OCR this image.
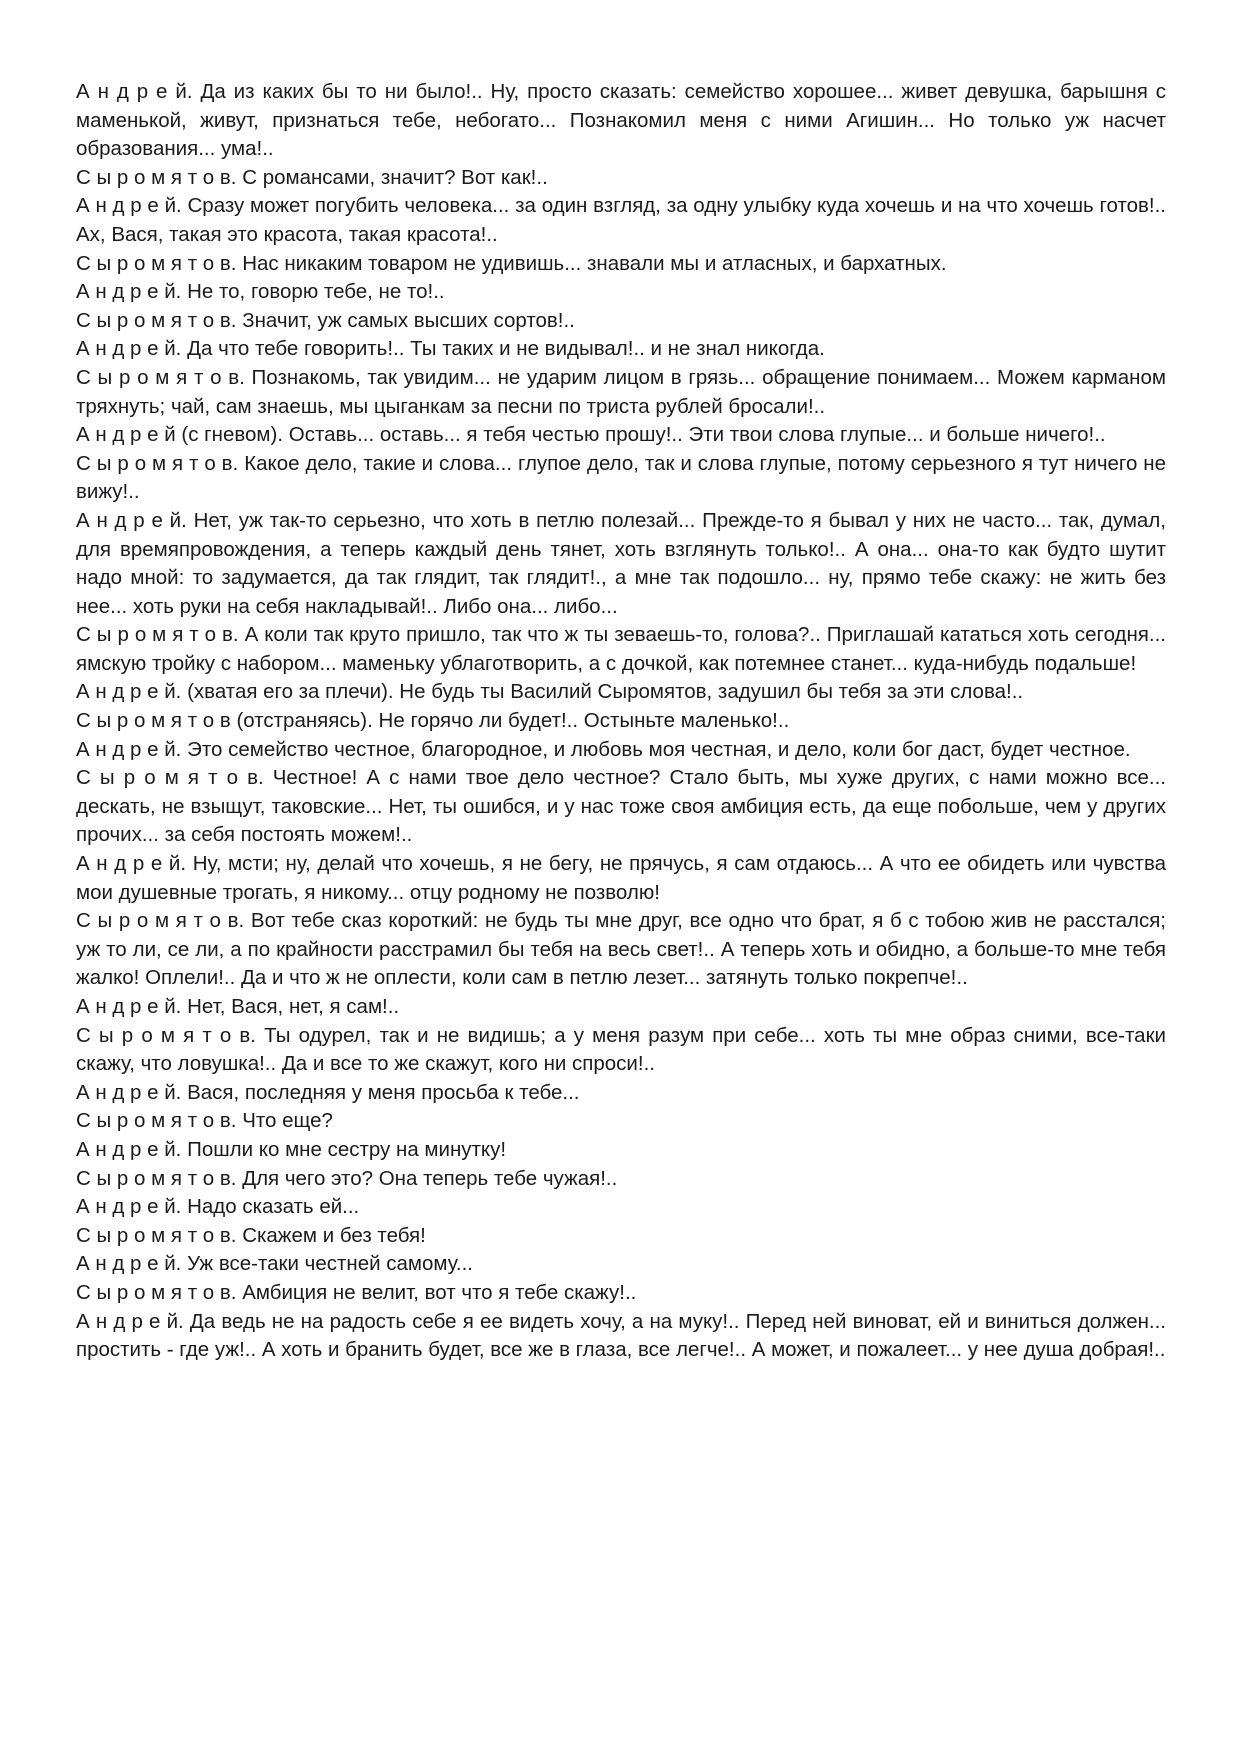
А н д р е й. Да из каких бы то ни было!.. Ну, просто сказать: семейство хорошее... живет девушка, барышня с маменькой, живут, признаться тебе, небогато... Познакомил меня с ними Агишин... Но только уж насчет образования... ума!..

С ы р о м я т о в. С романсами, значит? Вот как!..

А н д р е й. Сразу может погубить человека... за один взгляд, за одну улыбку куда хочешь и на что хочешь готов!.. Ах, Вася, такая это красота, такая красота!..

С ы р о м я т о в. Нас никаким товаром не удивишь... знавали мы и атласных, и бархатных.

А н д р е й. Не то, говорю тебе, не то!..

С ы р о м я т о в. Значит, уж самых высших сортов!..

А н д р е й. Да что тебе говорить!.. Ты таких и не видывал!.. и не знал никогда.

С ы р о м я т о в. Познакомь, так увидим... не ударим лицом в грязь... обращение понимаем... Можем карманом тряхнуть; чай, сам знаешь, мы цыганкам за песни по триста рублей бросали!..

А н д р е й (с гневом). Оставь... оставь... я тебя честью прошу!.. Эти твои слова глупые... и больше ничего!..

С ы р о м я т о в. Какое дело, такие и слова... глупое дело, так и слова глупые, потому серьезного я тут ничего не вижу!..

А н д р е й. Нет, уж так-то серьезно, что хоть в петлю полезай... Прежде-то я бывал у них не часто... так, думал, для времяпровождения, а теперь каждый день тянет, хоть взглянуть только!.. А она... она-то как будто шутит надо мной: то задумается, да так глядит, так глядит!., а мне так подошло... ну, прямо тебе скажу: не жить без нее... хоть руки на себя накладывай!.. Либо она... либо...

С ы р о м я т о в. А коли так круто пришло, так что ж ты зеваешь-то, голова?.. Приглашай кататься хоть сегодня... ямскую тройку с набором... маменьку ублаготворить, а с дочкой, как потемнее станет... куда-нибудь подальше!

А н д р е й. (хватая его за плечи). Не будь ты Василий Сыромятов, задушил бы тебя за эти слова!..

С ы р о м я т о в (отстраняясь). Не горячо ли будет!.. Остыньте маленько!..

А н д р е й. Это семейство честное, благородное, и любовь моя честная, и дело, коли бог даст, будет честное.

С ы р о м я т о в. Честное! А с нами твое дело честное? Стало быть, мы хуже других, с нами можно все... дескать, не взыщут, таковские... Нет, ты ошибся, и у нас тоже своя амбиция есть, да еще побольше, чем у других прочих... за себя постоять можем!..

А н д р е й. Ну, мсти; ну, делай что хочешь, я не бегу, не прячусь, я сам отдаюсь... А что ее обидеть или чувства мои душевные трогать, я никому... отцу родному не позволю!

С ы р о м я т о в. Вот тебе сказ короткий: не будь ты мне друг, все одно что брат, я б с тобою жив не расстался; уж то ли, се ли, а по крайности расстрамил бы тебя на весь свет!.. А теперь хоть и обидно, а больше-то мне тебя жалко! Оплели!.. Да и что ж не оплести, коли сам в петлю лезет... затянуть только покрепче!..

А н д р е й. Нет, Вася, нет, я сам!..

С ы р о м я т о в. Ты одурел, так и не видишь; а у меня разум при себе... хоть ты мне образ сними, все-таки скажу, что ловушка!.. Да и все то же скажут, кого ни спроси!..

А н д р е й. Вася, последняя у меня просьба к тебе...

С ы р о м я т о в. Что еще?

А н д р е й. Пошли ко мне сестру на минутку!

С ы р о м я т о в. Для чего это? Она теперь тебе чужая!..

А н д р е й. Надо сказать ей...

С ы р о м я т о в. Скажем и без тебя!

А н д р е й. Уж все-таки честней самому...

С ы р о м я т о в. Амбиция не велит, вот что я тебе скажу!..

А н д р е й. Да ведь не на радость себе я ее видеть хочу, а на муку!.. Перед ней виноват, ей и виниться должен... простить - где уж!.. А хоть и бранить будет, все же в глаза, все легче!.. А может, и пожалеет... у нее душа добрая!..
